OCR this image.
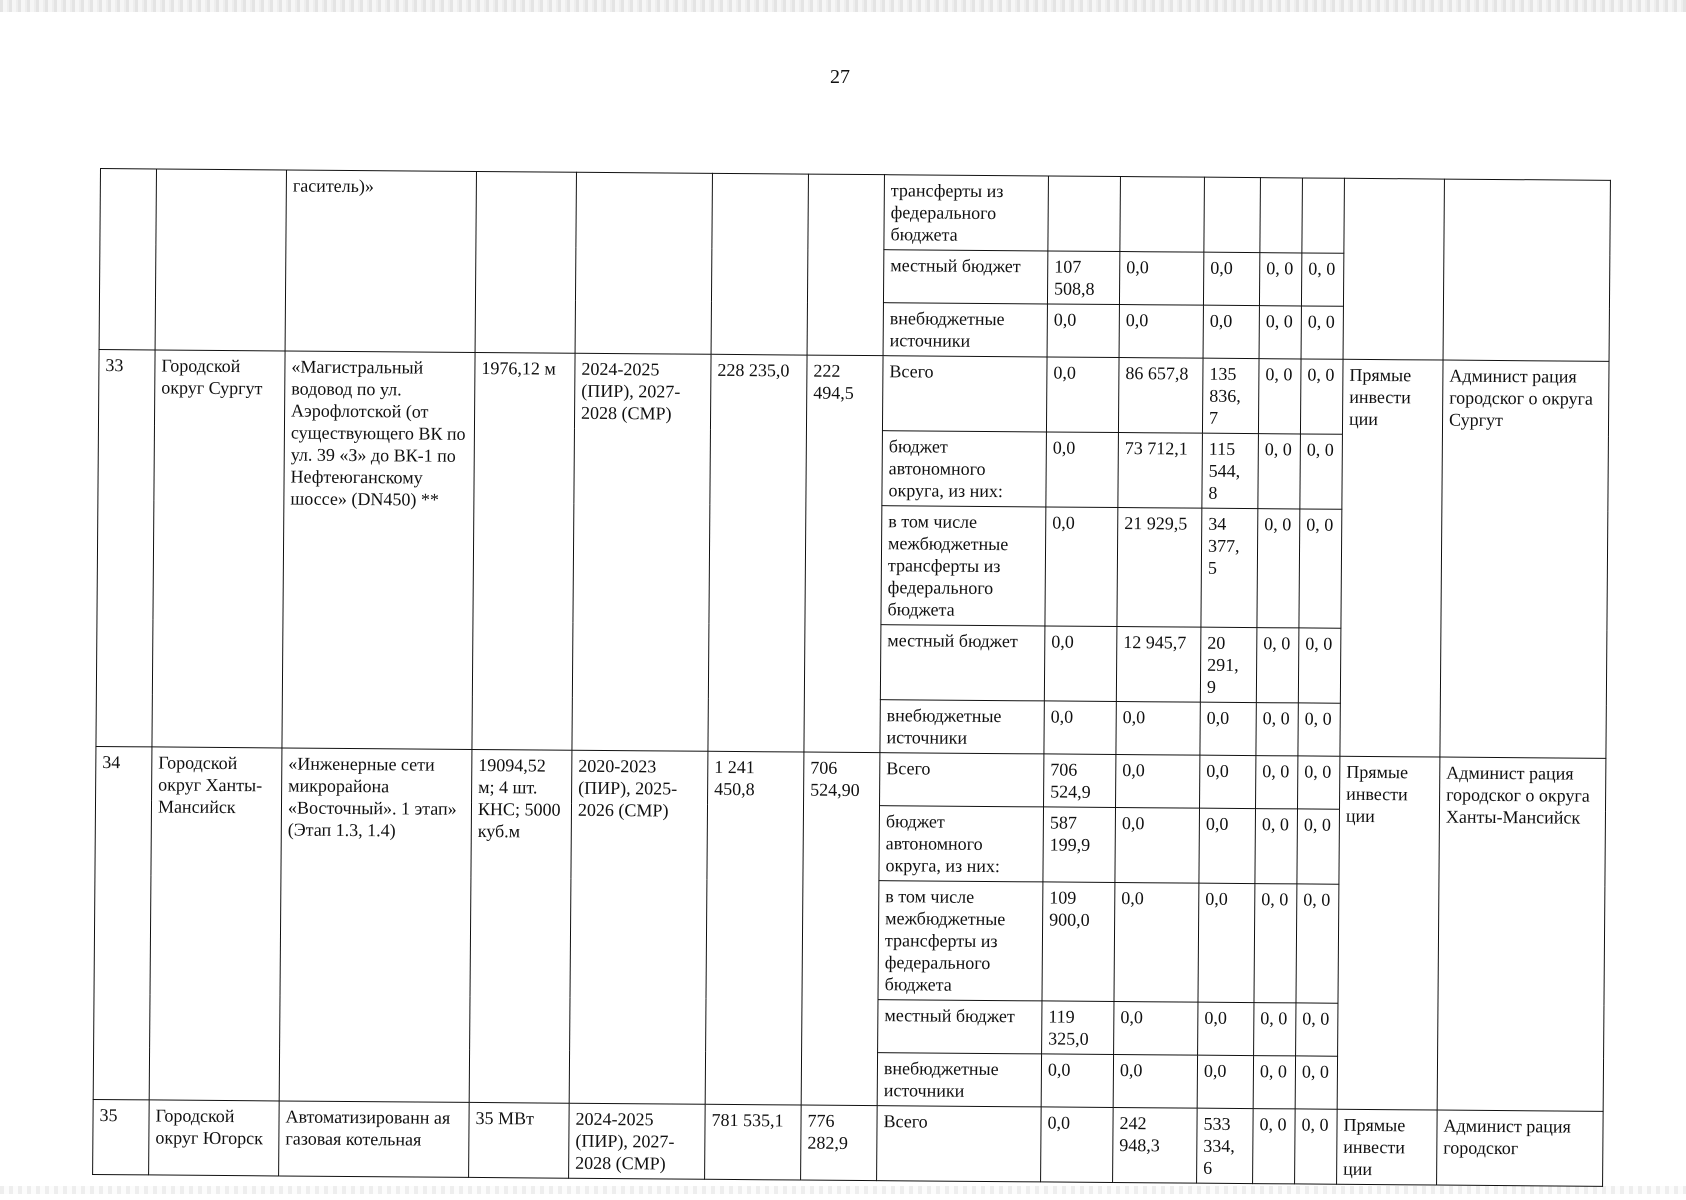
27
		гаситель)»					трансферты из федерального бюджета							
							местный бюджет	107 508,8	0,0	0,0	0, 0	0, 0		
							внебюджетные источники	0,0	0,0	0,0	0, 0	0, 0		
33	Городской округ Сургут	«Магистральный водовод по ул. Аэрофлотской (от существующего ВК по ул. 39 «З» до ВК-1 по Нефтеюганскому шоссе» (DN450) **	1976,12 м	2024-2025 (ПИР), 2027-2028 (СМР)	228 235,0	222 494,5	Всего	0,0	86 657,8	135 836, 7	0, 0	0, 0	Прямые инвести ции	Админист рация городског о округа Сургут
							бюджет автономного округа, из них:	0,0	73 712,1	115 544, 8	0, 0	0, 0		
							в том числе межбюджетные трансферты из федерального бюджета	0,0	21 929,5	34 377, 5	0, 0	0, 0		
							местный бюджет	0,0	12 945,7	20 291, 9	0, 0	0, 0		
							внебюджетные источники	0,0	0,0	0,0	0, 0	0, 0		
34	Городской округ Ханты-Мансийск	«Инженерные сети микрорайона «Восточный». 1 этап» (Этап 1.3, 1.4)	19094,52 м; 4 шт. КНС; 5000 куб.м	2020-2023 (ПИР), 2025-2026 (СМР)	1 241 450,8	706 524,90	Всего	706 524,9	0,0	0,0	0, 0	0, 0	Прямые инвести ции	Админист рация городског о округа Ханты-Мансийск
							бюджет автономного округа, из них:	587 199,9	0,0	0,0	0, 0	0, 0		
							в том числе межбюджетные трансферты из федерального бюджета	109 900,0	0,0	0,0	0, 0	0, 0		
							местный бюджет	119 325,0	0,0	0,0	0, 0	0, 0		
							внебюджетные источники	0,0	0,0	0,0	0, 0	0, 0		
35	Городской округ Югорск	Автоматизированн ая газовая котельная	35 МВт	2024-2025 (ПИР), 2027-2028 (СМР)	781 535,1	776 282,9	Всего	0,0	242 948,3	533 334, 6	0, 0	0, 0	Прямые инвести ции	Админист рация городског
